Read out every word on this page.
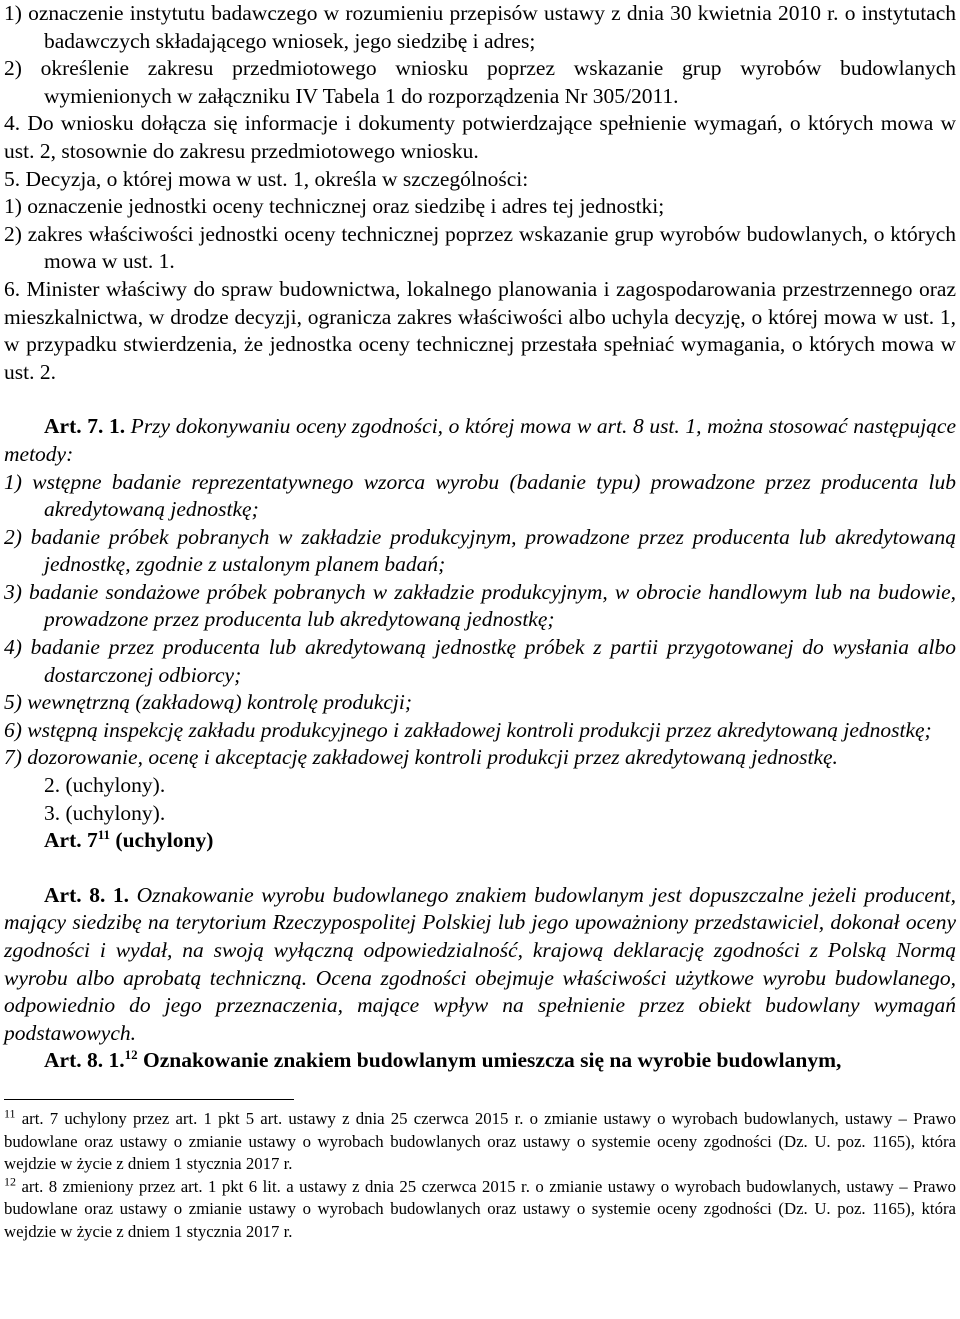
1) oznaczenie instytutu badawczego w rozumieniu przepisów ustawy z dnia 30 kwietnia 2010 r. o instytutach badawczych składającego wniosek, jego siedzibę i adres;

2) określenie zakresu przedmiotowego wniosku poprzez wskazanie grup wyrobów budowlanych wymienionych w załączniku IV Tabela 1 do rozporządzenia Nr 305/2011.

4. Do wniosku dołącza się informacje i dokumenty potwierdzające spełnienie wymagań, o których mowa w ust. 2, stosownie do zakresu przedmiotowego wniosku.

5. Decyzja, o której mowa w ust. 1, określa w szczególności:

1) oznaczenie jednostki oceny technicznej oraz siedzibę i adres tej jednostki;

2) zakres właściwości jednostki oceny technicznej poprzez wskazanie grup wyrobów budowlanych, o których mowa w ust. 1.

6. Minister właściwy do spraw budownictwa, lokalnego planowania i zagospodarowania przestrzennego oraz mieszkalnictwa, w drodze decyzji, ogranicza zakres właściwości albo uchyla decyzję, o której mowa w ust. 1, w przypadku stwierdzenia, że jednostka oceny technicznej przestała spełniać wymagania, o których mowa w ust. 2.

Art. 7. 1. Przy dokonywaniu oceny zgodności, o której mowa w art. 8 ust. 1, można stosować następujące metody:

1) wstępne badanie reprezentatywnego wzorca wyrobu (badanie typu) prowadzone przez producenta lub akredytowaną jednostkę;

2) badanie próbek pobranych w zakładzie produkcyjnym, prowadzone przez producenta lub akredytowaną jednostkę, zgodnie z ustalonym planem badań;

3) badanie sondażowe próbek pobranych w zakładzie produkcyjnym, w obrocie handlowym lub na budowie, prowadzone przez producenta lub akredytowaną jednostkę;

4) badanie przez producenta lub akredytowaną jednostkę próbek z partii przygotowanej do wysłania albo dostarczonej odbiorcy;

5) wewnętrzną (zakładową) kontrolę produkcji;

6) wstępną inspekcję zakładu produkcyjnego i zakładowej kontroli produkcji przez akredytowaną jednostkę;

7) dozorowanie, ocenę i akceptację zakładowej kontroli produkcji przez akredytowaną jednostkę.

2. (uchylony).

3. (uchylony).

Art. $7^{11}$ (uchylony)

Art. 8. 1. Oznakowanie wyrobu budowlanego znakiem budowlanym jest dopuszczalne jeżeli producent, mający siedzibę na terytorium Rzeczypospolitej Polskiej lub jego upoważniony przedstawiciel, dokonał oceny zgodności i wydał, na swoją wyłączną odpowiedzialność, krajową deklarację zgodności z Polską Normą wyrobu albo aprobatą techniczną. Ocena zgodności obejmuje właściwości użytkowe wyrobu budowlanego, odpowiednio do jego przeznaczenia, mające wpływ na spełnienie przez obiekt budowlany wymagań podstawowych.

Art. 8. 1.12 Oznakowanie znakiem budowlanym umieszcza się na wyrobie budowlanym,

$^{11}$ art. 7 uchylony przez art. 1 pkt 5 art. ustawy z dnia 25 czerwca 2015 r. o zmianie ustawy o wyrobach budowlanych, ustawy – Prawo budowlane oraz ustawy o zmianie ustawy o wyrobach budowlanych oraz ustawy o systemie oceny zgodności (Dz. U. poz. 1165), która wejdzie w życie z dniem 1 stycznia 2017 r.

$^{12}$ art. 8 zmieniony przez art. 1 pkt 6 lit. a ustawy z dnia 25 czerwca 2015 r. o zmianie ustawy o wyrobach budowlanych, ustawy – Prawo budowlane oraz ustawy o zmianie ustawy o wyrobach budowlanych oraz ustawy o systemie oceny zgodności (Dz. U. poz. 1165), która wejdzie w życie z dniem 1 stycznia 2017 r.
